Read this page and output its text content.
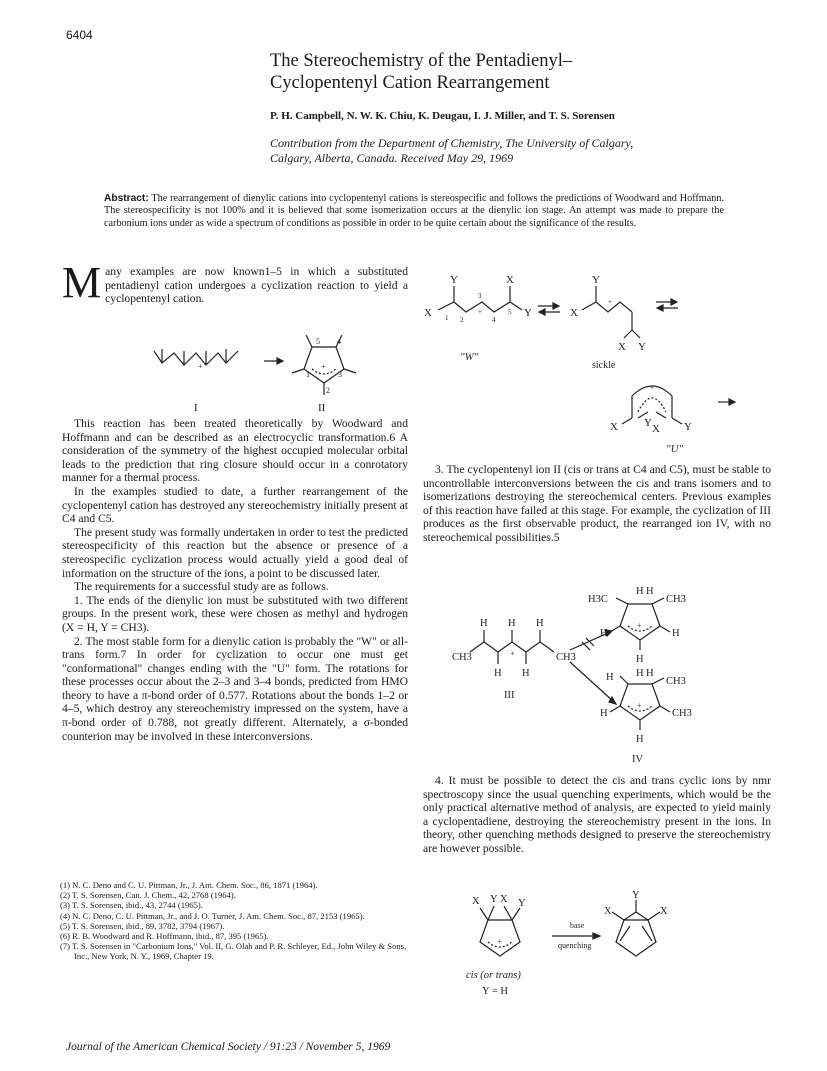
6404
The Stereochemistry of the Pentadienyl–
Cyclopentenyl Cation Rearrangement
P. H. Campbell, N. W. K. Chiu, K. Deugau, I. J. Miller, and T. S. Sorensen
Contribution from the Department of Chemistry, The University of Calgary,
Calgary, Alberta, Canada. Received May 29, 1969
Abstract: The rearrangement of dienylic cations into cyclopentenyl cations is stereospecific and follows the predictions of Woodward and Hoffmann. The stereospecificity is not 100% and it is believed that some isomerization occurs at the dienylic ion stage. An attempt was made to prepare the carbonium ions under as wide a spectrum of conditions as possible in order to be quite certain about the significance of the results.
M any examples are now known1–5 in which a substituted pentadienyl cation undergoes a cyclization reaction to yield a cyclopentenyl cation.
+	+
5 4
1	3
2
I	II

This reaction has been treated theoretically by Woodward and Hoffmann and can be described as an electrocyclic transformation.6 A consideration of the symmetry of the highest occupied molecular orbital leads to the prediction that ring closure should occur in a conrotatory manner for a thermal process.

In the examples studied to date, a further rearrangement of the cyclopentenyl cation has destroyed any stereochemistry initially present at C4 and C5.

The present study was formally undertaken in order to test the predicted stereospecificity of this reaction but the absence or presence of a stereospecific cyclization process would actually yield a good deal of information on the structure of the ions, a point to be discussed later.

The requirements for a successful study are as follows.

1. The ends of the dienylic ion must be substituted with two different groups. In the present work, these were chosen as methyl and hydrogen (X = H, Y = CH3).

2. The most stable form for a dienylic cation is probably the "W" or all-trans form.7 In order for cyclization to occur one must get "conformational" changes ending with the "U" form. The rotations for these processes occur about the 2–3 and 3–4 bonds, predicted from HMO theory to have a π-bond order of 0.577. Rotations about the bonds 1–2 or 4–5, which destroy any stereochemistry impressed on the system, have a π-bond order of 0.788, not greatly different. Alternately, a σ-bonded counterion may be involved in these interconversions.

(1) N. C. Deno and C. U. Pittman, Jr., J. Am. Chem. Soc., 86, 1871 (1964).
(2) T. S. Sorensen, Can. J. Chem., 42, 2768 (1964).
(3) T. S. Sorensen, ibid., 43, 2744 (1965).
(4) N. C. Deno, C. U. Pittman, Jr., and J. O. Turner, J. Am. Chem. Soc., 87, 2153 (1965).
(5) T. S. Sorensen, ibid., 89, 3782, 3794 (1967).
(6) R. B. Woodward and R. Hoffmann, ibid., 87, 395 (1965).
(7) T. S. Sorensen in "Carbonium Ions," Vol. II, G. Olah and P. R. Schleyer, Ed., John Wiley & Sons, Inc., New York, N. Y., 1969, Chapter 19.
Y	X
X	Y
Y
X
X Y
X Y X Y
"W"
sickle
"U"
1 2
3
4
5
+
+
+

3. The cyclopentenyl ion II (cis or trans at C4 and C5), must be stable to uncontrollable interconversions between the cis and trans isomers and to isomerizations destroying the stereochemical centers. Previous examples of this reaction have failed at this stage. For example, the cyclization of III produces as the first observable product, the rearranged ion IV, with no stereochemical possibilities.5

H H H
CH3	CH3
H H
III
H3C
H H
CH3
H	H
H
H H H
CH3
H	CH3
H
IV
+
+
+

4. It must be possible to detect the cis and trans cyclic ions by nmr spectroscopy since the usual quenching experiments, which would be the only practical alternative method of analysis, are expected to yield mainly a cyclopentadiene, destroying the stereochemistry present in the ions. In theory, other quenching methods designed to preserve the stereochemistry are however possible.

X Y X Y
Y
X	X
cis (or trans)
Y = H
+
base
quenching
Journal of the American Chemical Society / 91:23 / November 5, 1969
